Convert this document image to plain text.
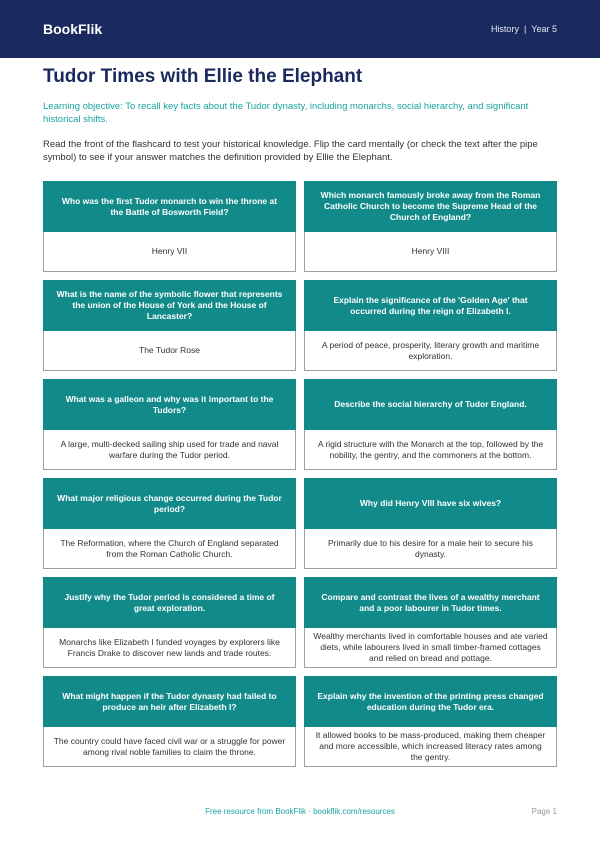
BookFlik	History | Year 5
Tudor Times with Ellie the Elephant

Learning objective: To recall key facts about the Tudor dynasty, including monarchs, social hierarchy, and significant historical shifts.

Read the front of the flashcard to test your historical knowledge. Flip the card mentally (or check the text after the pipe symbol) to see if your answer matches the definition provided by Ellie the Elephant.

Who was the first Tudor monarch to win the throne at the Battle of Bosworth Field?
Henry VII
Which monarch famously broke away from the Roman Catholic Church to become the Supreme Head of the Church of England?
Henry VIII
What is the name of the symbolic flower that represents the union of the House of York and the House of Lancaster?
The Tudor Rose
Explain the significance of the 'Golden Age' that occurred during the reign of Elizabeth I.
A period of peace, prosperity, literary growth and maritime exploration.
What was a galleon and why was it important to the Tudors?
A large, multi-decked sailing ship used for trade and naval warfare during the Tudor period.
Describe the social hierarchy of Tudor England.
A rigid structure with the Monarch at the top, followed by the nobility, the gentry, and the commoners at the bottom.
What major religious change occurred during the Tudor period?
The Reformation, where the Church of England separated from the Roman Catholic Church.
Why did Henry VIII have six wives?
Primarily due to his desire for a male heir to secure his dynasty.
Justify why the Tudor period is considered a time of great exploration.
Monarchs like Elizabeth I funded voyages by explorers like Francis Drake to discover new lands and trade routes.
Compare and contrast the lives of a wealthy merchant and a poor labourer in Tudor times.
Wealthy merchants lived in comfortable houses and ate varied diets, while labourers lived in small timber-framed cottages and relied on bread and pottage.
What might happen if the Tudor dynasty had failed to produce an heir after Elizabeth I?
The country could have faced civil war or a struggle for power among rival noble families to claim the throne.
Explain why the invention of the printing press changed education during the Tudor era.
It allowed books to be mass-produced, making them cheaper and more accessible, which increased literacy rates among the gentry.
Free resource from BookFlik · bookflik.com/resources	Page 1
